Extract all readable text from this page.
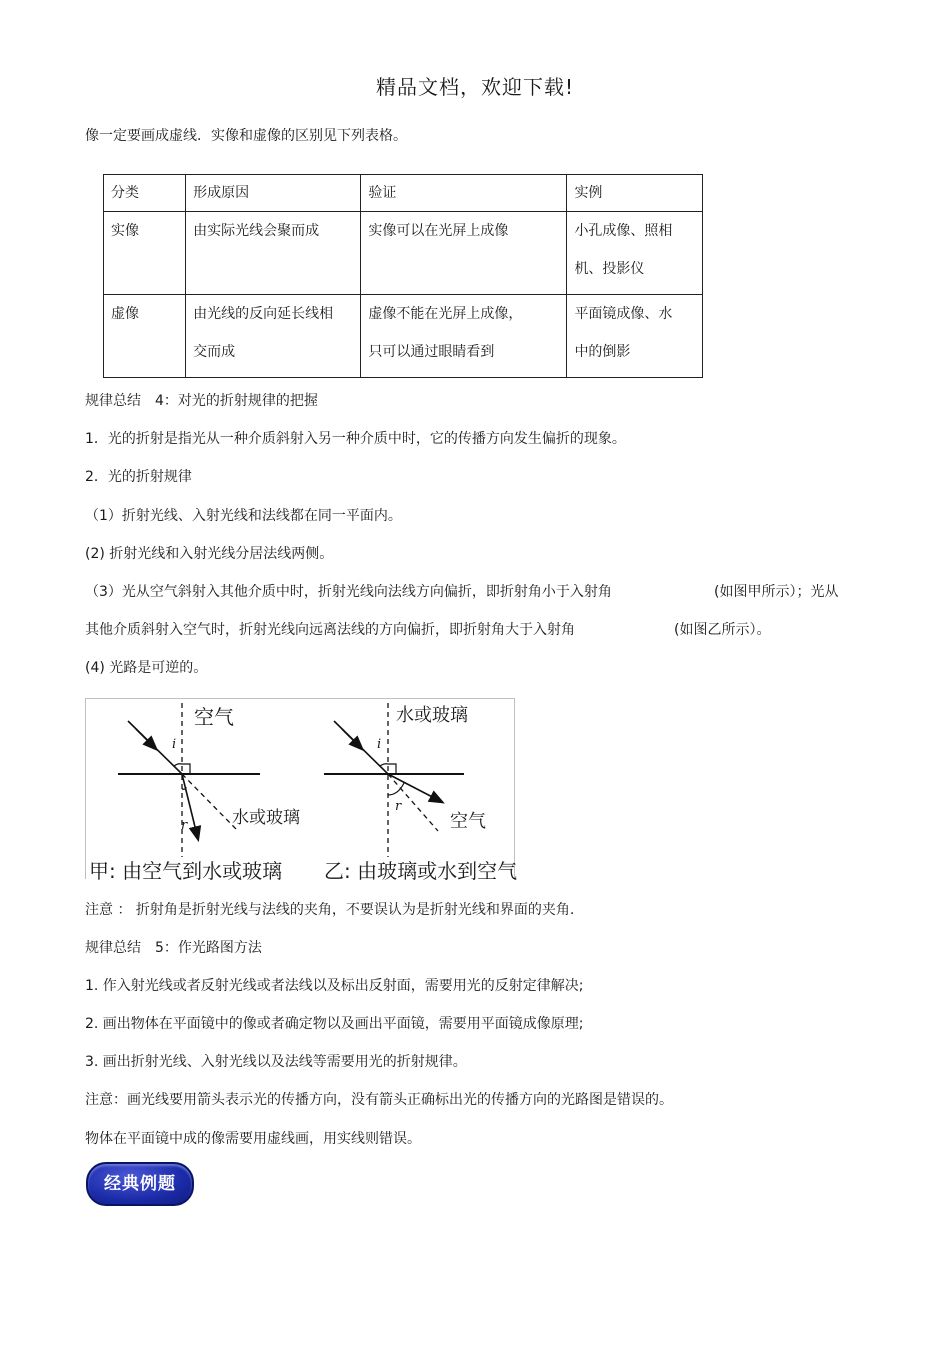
精品文档，欢迎下载!
像一定要画成虚线．实像和虚像的区别见下列表格。
分类	形成原因	验证	实例

实像	由实际光线会聚而成	实像可以在光屏上成像	小孔成像、照相机、投影仪

虚像	由光线的反向延长线相交而成	虚像不能在光屏上成像，只可以通过眼睛看到	平面镜成像、水中的倒影
规律总结　4：对光的折射规律的把握
1．光的折射是指光从一种介质斜射入另一种介质中时，它的传播方向发生偏折的现象。
2．光的折射规律
（1）折射光线、入射光线和法线都在同一平面内。
(2) 折射光线和入射光线分居法线两侧。
（3）光从空气斜射入其他介质中时，折射光线向法线方向偏折，即折射角小于入射角	(如图甲所示）；光从
其他介质斜射入空气时，折射光线向远离法线的方向偏折，即折射角大于入射角	(如图乙所示）。
(4) 光路是可逆的。
空气
i
水或玻璃
r
甲: 由空气到水或玻璃
水或玻璃
i
空气
r
乙: 由玻璃或水到空气
注意 ： 折射角是折射光线与法线的夹角，不要误认为是折射光线和界面的夹角.
规律总结　5：作光路图方法
1. 作入射光线或者反射光线或者法线以及标出反射面，需要用光的反射定律解决;
2. 画出物体在平面镜中的像或者确定物以及画出平面镜，需要用平面镜成像原理;
3. 画出折射光线、入射光线以及法线等需要用光的折射规律。
注意：画光线要用箭头表示光的传播方向，没有箭头正确标出光的传播方向的光路图是错误的。
物体在平面镜中成的像需要用虚线画，用实线则错误。
经典例题
